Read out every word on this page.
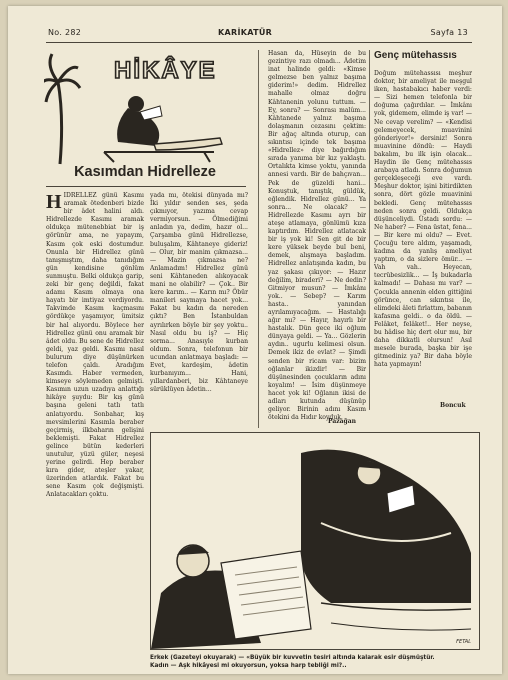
No. 282	KARİKATÜR	Sayfa 13
HİKÂYE
Kasımdan Hidrelleze
H IDRELLEZ günü Kasımı aramak ötedenberi bizde bir âdet halini aldı. Hidrellezde Kasımı aramak oldukça mütenebbiat bir iş görünür ama, ne yapayım, Kasım çok eski dostumdur. Onunla bir Hidrellez günü tanışmıştım, daha tanıdığım gün kendisine gönlüm sunmuştu. Belki oldukça garip, zeki bir genç değildi, fakat adamı Kasım olmaya ona hayatı bir imtiyaz verdiyordu. Takvimde Kasım kaçmasını gördükçe yaşamıyor, ümitsiz bir hal alıyordu. Böylece her Hidrellez günü onu aramak bir âdet oldu. Bu sene de Hidrellez geldi, yaz geldi. Kasımı nasıl bulurum diye düşünürken telefon çaldı. Aradığım Kasımdı. Haber vermeden, kimseye söylemeden gelmişti. Kasımın uzun uzadıya anlattığı hikâye şuydu: Bir kış günü başına geleni tatlı tatlı anlatıyordu. Sonbahar, kış mevsimlerini Kasımla beraber geçirmiş, ilkbaharın gelişini beklemişti. Fakat Hidrellez gelince bütün kederleri unutulur, yüzü güler, neşesi yerine gelirdi. Hep beraber kıra gider, ateşler yakar, üzerinden atlardık. Fakat bu sene Kasım çok değişmişti. Anlatacakları çoktu.
yada mı, ötekisi dünyada mı? İki yıldır senden ses, şeda çıkmıyor, yazıma cevap vermiyorsun. — Ölmediğimi anladın ya, dedim, hazır ol... Çarşamba günü Hidrellezse, buluşalım, Kâhtaneye gideriz! — Olur, bir manim çıkmazsa... — Mazin çıkmazsa ne? Anlamadım! Hidrellez günü seni Kâhtaneden alıkoyacak mani ne olabilir? — Çok.. Bir kere karım.. — Karın mı? Öbür manileri saymaya hacet yok... Fakat bu kadın da nereden çıktı? Ben İstanbuldan ayrılırken böyle bir şey yoktu.. Nasıl oldu bu iş? — Hiç sorma... Anasıyle kurban oldum. Sonra, telefonun bir ucundan anlatmaya başladı: — Evet, kardeşim, âdetin kurbanıyım... Hani, yıllardanberi, biz Kâhtaneye sürüklüyen âdetin...
Hasan da, Hüseyin de bu gezintiye razı olmadı... Âdetim inat halinde geldi: «Kimse gelmezse ben yalnız başıma giderim!» dedim. Hidrellez mahalle olmaz doğru Kâhtanenin yolunu tuttum. — Ey, sonra? — Sonrası malûm... Kâhtanede yalnız başıma dolaşmanın cezasını çektim: Bir ağaç altında oturup, can sıkıntısı içinde tek başıma «Hidrellez» diye bağırdığım sırada yanıma bir kız yaklaştı. Ortalıkta kimse yoktu, yanında annesi vardı. Bir de bahçıvan... Pek de güzeldi hani... Konuştuk, tanıştık, güldük, eğlendik. Hidrellez günü... Ya sonra... Ne olacak? — Hidrellezde Kasımı ayrı bir ateşe atlamaya, gönlümü kıza kaptırdım. Hidrellez atlatacak bir iş yok ki! Sen git de bir kere yüksek beyde bul beni, demek, alışmaya başladım. Hidrellez anlatışında kadın, bu yaz şakası çıkıyor: — Hazır değilim, biraderi? — Ne dedin? Gitmiyor musun? — İmkânı yok.. — Sebep? — Karım hasta.. yanından ayrılamıyacağım. — Hastalığı ağır mı? — Hayır, hayırlı bir hastalık. Dün gece iki oğlum dünyaya geldi. — Ya... Gözlerin aydın.. ugurlu kelimesi olsun. Demek ikiz de evlat? — Şimdi senden bir ricam var: bizim oğlanlar ikizdir! — Bir düşünesinden çocukların adını koyalım! — İsim düşünmeye hacet yok ki! Oğlanın ikisi de adları kutunda düşünüp geliyor. Birinin adını Kasım ötekini da Hıdır koyduk.
Pazağan
Genç mütehassıs
Doğum mütehassısı meşhur doktor, bir ameliyat ile meşgul iken, hastabakıcı haber verdi: — Sizi hemen telefonla bir doğuma çağırdılar. — İmkânı yok, gidemem, elimde iş var! — Ne cevap verelim? — «Kendisi gelemeyecek, muavinini gönderiyor!» dersiniz! Sonra muavinine döndü: — Haydi bakalım, bu ilk işin olacak... Haydin ile Genç mütehassıs arabaya atladı. Sonra doğumun gerçekleşeceği eve vardı. Meşhur doktor, işini bitirdikten sonra, dört gözle muavinini bekledi. Genç mütehassıs neden sonra geldi. Oldukça düşünceliydi. Üstadı sordu: — Ne haber? — Fena üstat, fena... — Bir kere mi oldu? — Evet. Çocuğu tere aldım, yaşamadı, kadına da yanlış ameliyat yaptım, o da sizlere ömür... — Vah vah.. Heyecan, tecrübesizlik... — İş bukadarla kalmadı! — Dahası mı var? — Çocukla annenin elden gittiğini görünce, can sıkıntısı ile, elimdeki âleti fırlattım, babanın kafasına geldi.. o da öldü. — Felâket, felâket!.. Her neyse, bu hâdise hiç dert olur mu, bir daha dikkatli olursun! Asıl mesele burada, başka bir işe gitmediniz ya? Bir daha böyle hata yapmayın!
Boncuk
FETAL
Erkek (Gazeteyi okuyarak) — «Büyük bir kuvvetin tesiri altında kalarak esir düşmüştür.
Kadın — Aşk hikâyesi mi okuyorsun, yoksa harp tebliği mi?..
